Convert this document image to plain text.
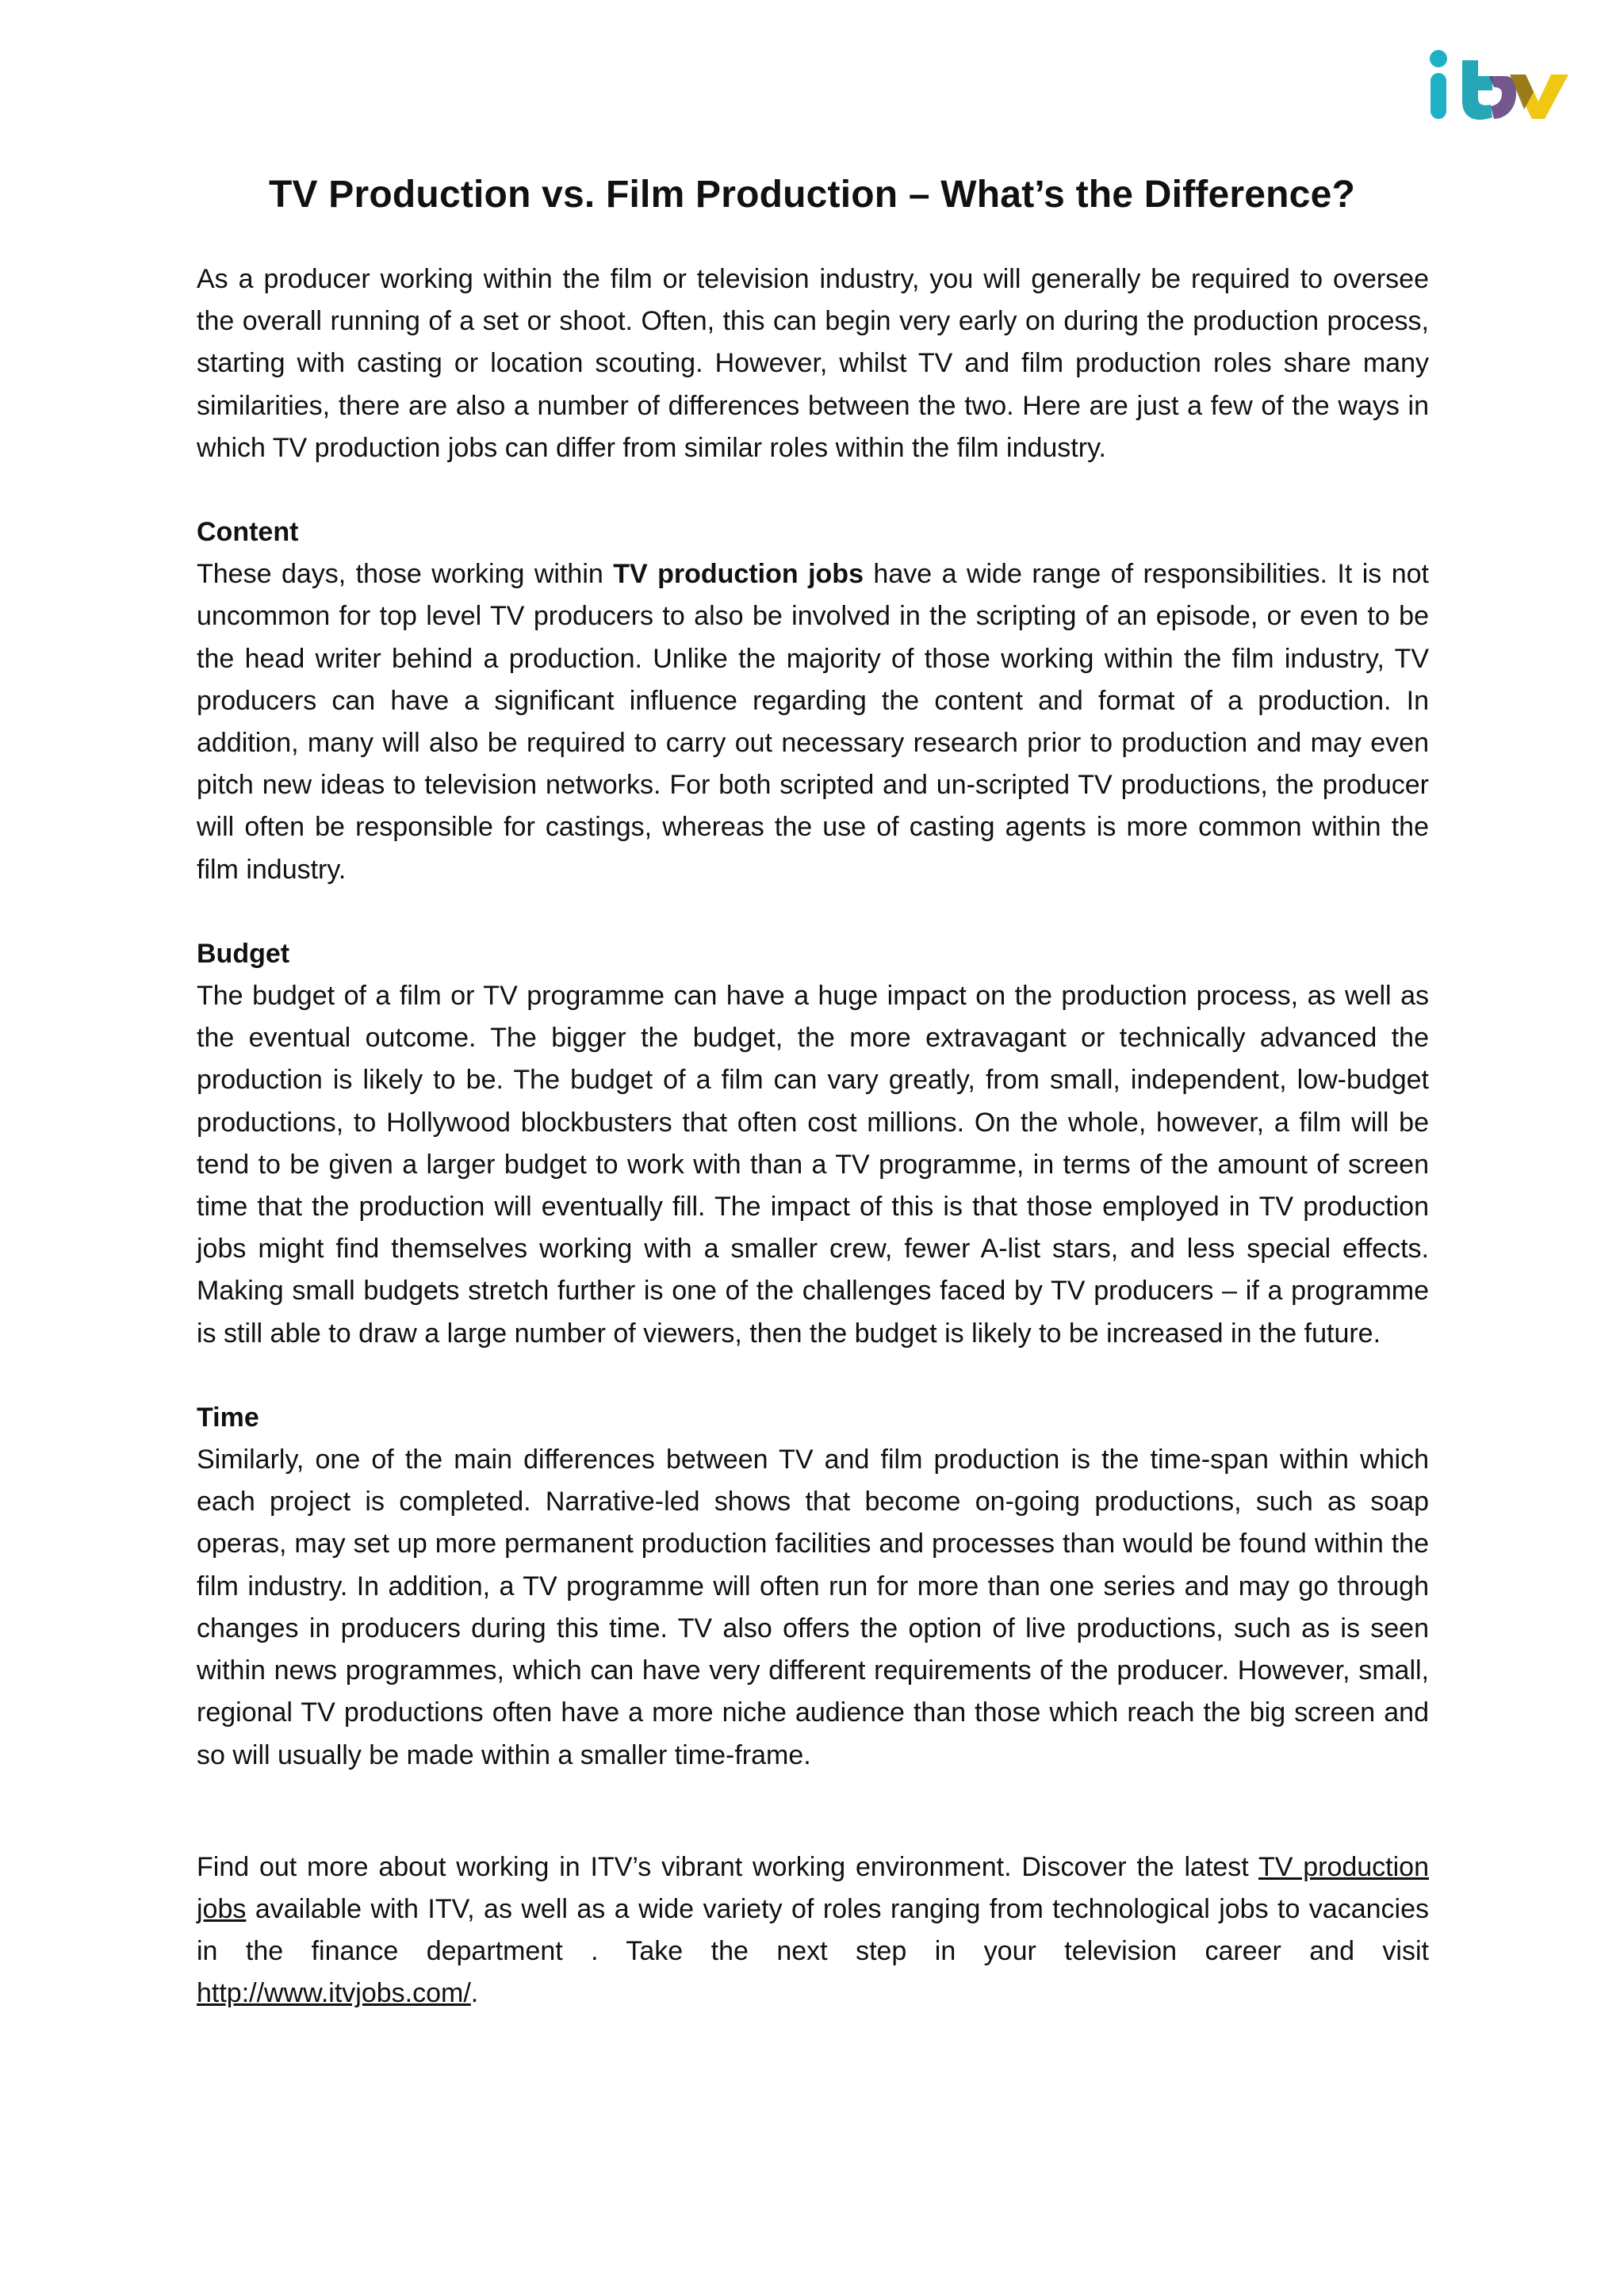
TV Production vs. Film Production – What’s the Difference?

As a producer working within the film or television industry, you will generally be required to oversee the overall running of a set or shoot. Often, this can begin very early on during the production process, starting with casting or location scouting. However, whilst TV and film production roles share many similarities, there are also a number of differences between the two. Here are just a few of the ways in which TV production jobs can differ from similar roles within the film industry.

Content

These days, those working within TV production jobs have a wide range of responsibilities. It is not uncommon for top level TV producers to also be involved in the scripting of an episode, or even to be the head writer behind a production. Unlike the majority of those working within the film industry, TV producers can have a significant influence regarding the content and format of a production. In addition, many will also be required to carry out necessary research prior to production and may even pitch new ideas to television networks. For both scripted and un-scripted TV productions, the producer will often be responsible for castings, whereas the use of casting agents is more common within the film industry.

Budget

The budget of a film or TV programme can have a huge impact on the production process, as well as the eventual outcome. The bigger the budget, the more extravagant or technically advanced the production is likely to be. The budget of a film can vary greatly, from small, independent, low-budget productions, to Hollywood blockbusters that often cost millions. On the whole, however, a film will be tend to be given a larger budget to work with than a TV programme, in terms of the amount of screen time that the production will eventually fill. The impact of this is that those employed in TV production jobs might find themselves working with a smaller crew, fewer A-list stars, and less special effects. Making small budgets stretch further is one of the challenges faced by TV producers – if a programme is still able to draw a large number of viewers, then the budget is likely to be increased in the future.

Time

Similarly, one of the main differences between TV and film production is the time-span within which each project is completed. Narrative-led shows that become on-going productions, such as soap operas, may set up more permanent production facilities and processes than would be found within the film industry. In addition, a TV programme will often run for more than one series and may go through changes in producers during this time. TV also offers the option of live productions, such as is seen within news programmes, which can have very different requirements of the producer. However, small, regional TV productions often have a more niche audience than those which reach the big screen and so will usually be made within a smaller time-frame.

Find out more about working in ITV’s vibrant working environment. Discover the latest TV production jobs available with ITV, as well as a wide variety of roles ranging from technological jobs to vacancies in the finance department . Take the next step in your television career and visit http://www.itvjobs.com/.
